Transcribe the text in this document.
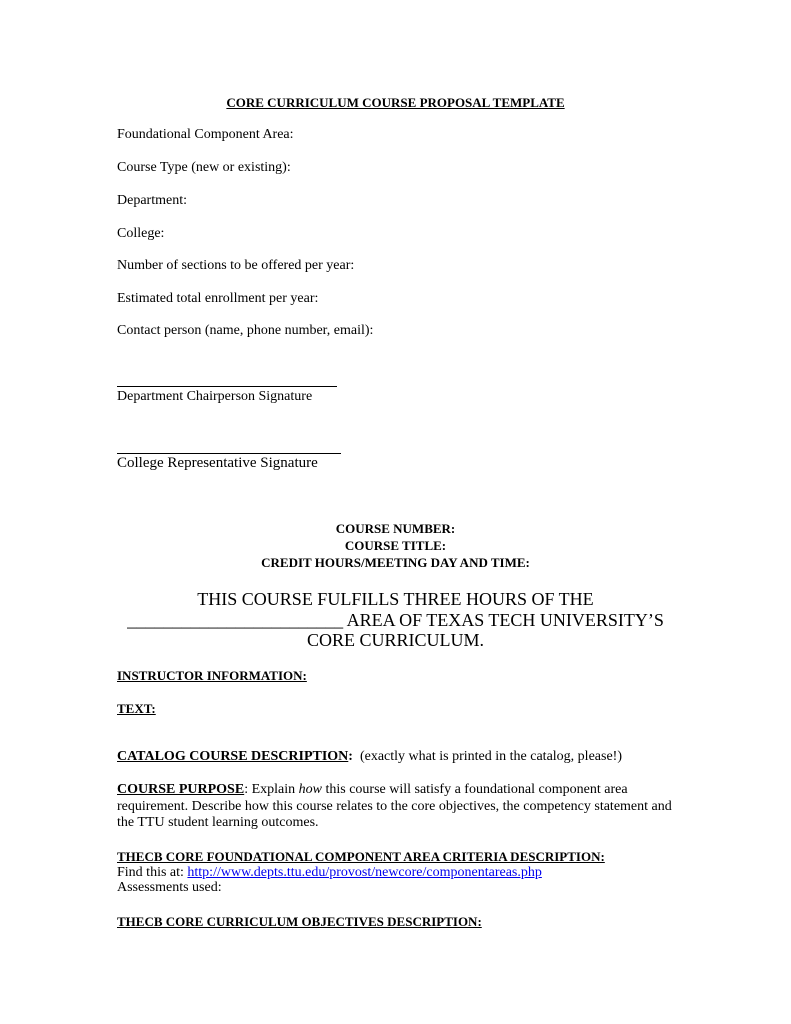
CORE CURRICULUM COURSE PROPOSAL TEMPLATE

Foundational Component Area:

Course Type (new or existing):

Department:

College:

Number of sections to be offered per year:

Estimated total enrollment per year:

Contact person (name, phone number, email):

Department Chairperson Signature

College Representative Signature

COURSE NUMBER:

COURSE TITLE:

CREDIT HOURS/MEETING DAY AND TIME:

THIS COURSE FULFILLS THREE HOURS OF THE

________________________ AREA OF TEXAS TECH UNIVERSITY’S

CORE CURRICULUM.

INSTRUCTOR INFORMATION:

TEXT:

CATALOG COURSE DESCRIPTION: (exactly what is printed in the catalog, please!)

COURSE PURPOSE: Explain how this course will satisfy a foundational component area requirement. Describe how this course relates to the core objectives, the competency statement and the TTU student learning outcomes.

THECB CORE FOUNDATIONAL COMPONENT AREA CRITERIA DESCRIPTION:

Find this at: http://www.depts.ttu.edu/provost/newcore/componentareas.php

Assessments used:

THECB CORE CURRICULUM OBJECTIVES DESCRIPTION:
